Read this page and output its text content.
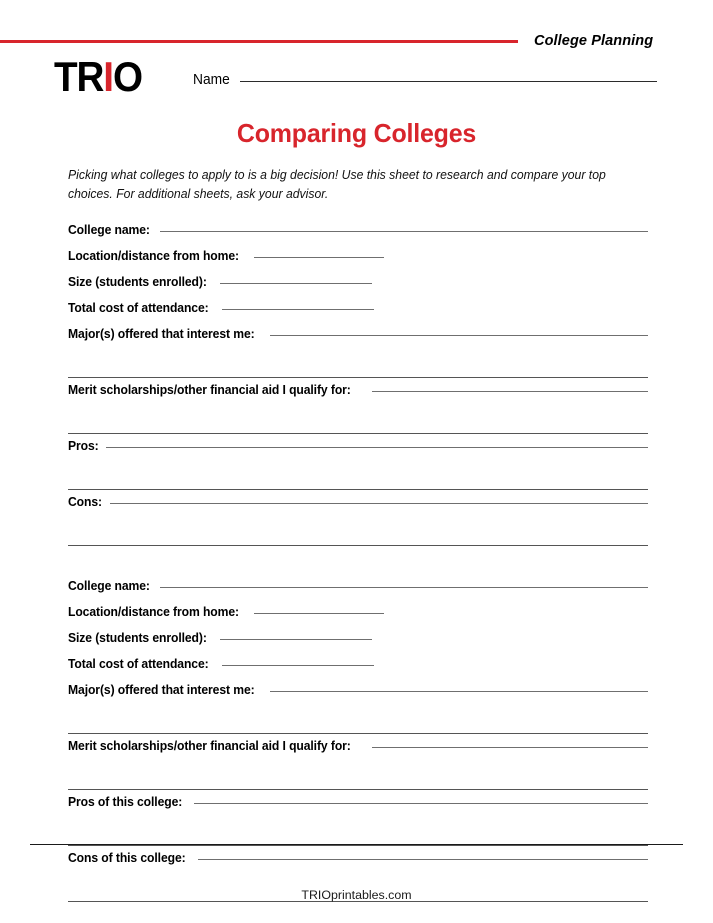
College Planning
TRIO	Name
Comparing Colleges
Picking what colleges to apply to is a big decision! Use this sheet to research and compare your top choices. For additional sheets, ask your advisor.
College name:
Location/distance from home:
Size (students enrolled):
Total cost of attendance:
Major(s) offered that interest me:
Merit scholarships/other financial aid I qualify for:
Pros:
Cons:
College name:
Location/distance from home:
Size (students enrolled):
Total cost of attendance:
Major(s) offered that interest me:
Merit scholarships/other financial aid I qualify for:
Pros of this college:
Cons of this college:
TRIOprintables.com
